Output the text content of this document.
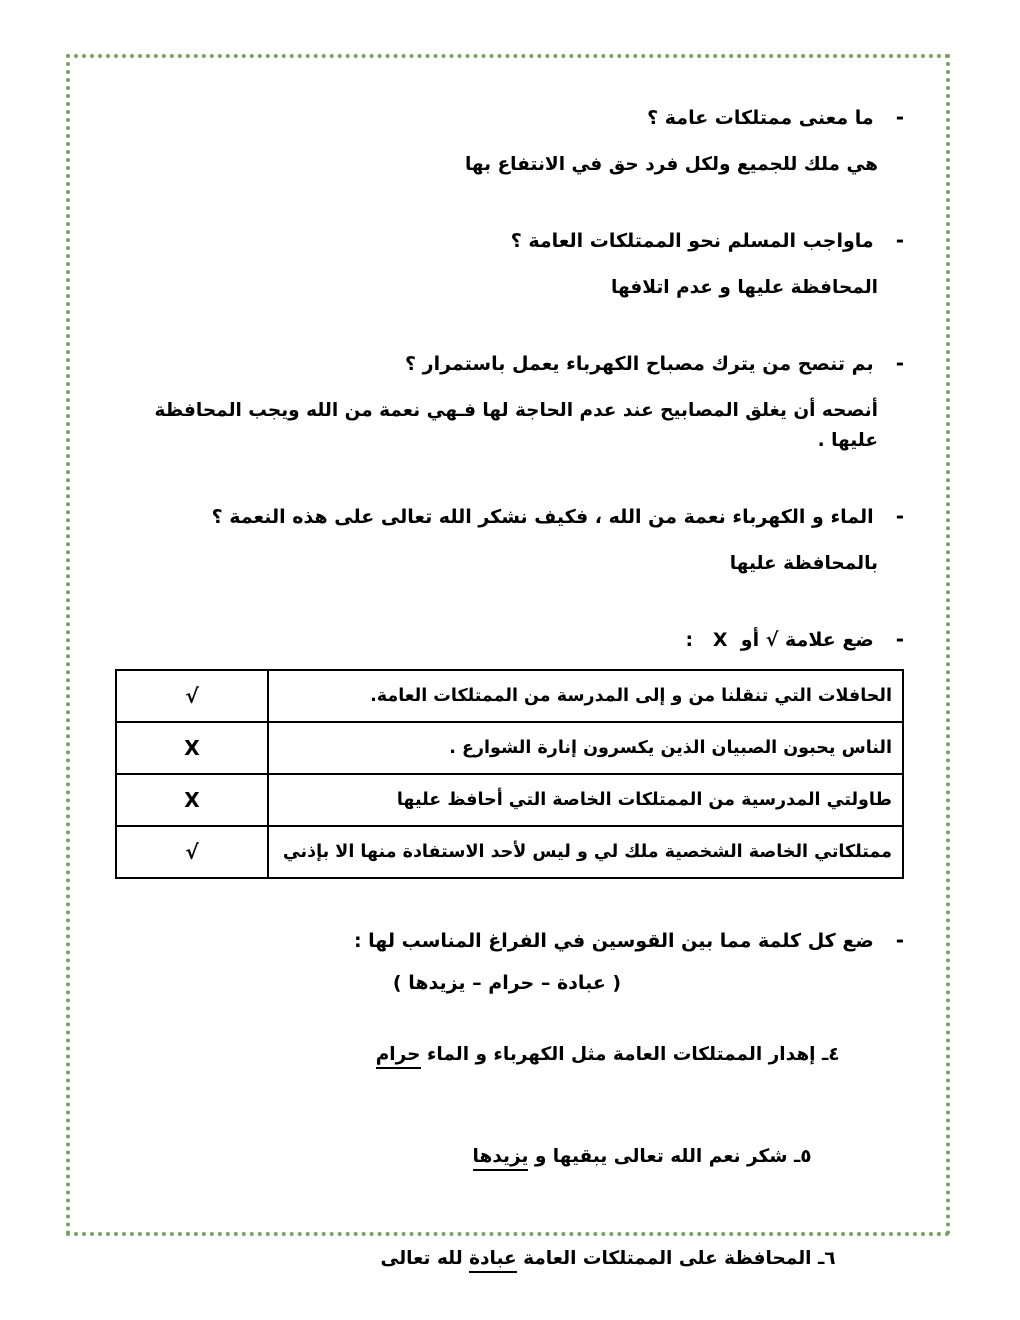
-
ما معنى ممتلكات عامة ؟
هي ملك للجميع ولكل فرد حق في الانتفاع بها
-
ماواجب المسلم نحو الممتلكات العامة ؟
المحافظة عليها و عدم اتلافها
-
بم تنصح من يترك مصباح الكهرباء يعمل باستمرار ؟
أنصحه أن يغلق المصابيح عند عدم الحاجة لها فـهي نعمة من الله ويجب المحافظة عليها .
-
الماء و الكهرباء نعمة من الله ، فكيف نشكر الله تعالى على هذه النعمة ؟
بالمحافظة عليها
-
ضع علامة √ أو  X   :
الحافلات التي تنقلنا من و إلى المدرسة من الممتلكات العامة.	√
الناس يحبون الصبيان الذين يكسرون إنارة الشوارع .	X
طاولتي المدرسية من الممتلكات الخاصة التي أحافظ عليها	X
ممتلكاتي الخاصة الشخصية ملك لي و ليس لأحد الاستفادة منها الا بإذني	√
-
ضع كل كلمة مما بين القوسين في الفراغ المناسب لها :
( عبادة – حرام – يزيدها )

٤ـ إهدار الممتلكات العامة مثل الكهرباء و الماء حرام

٥ـ شكر نعم الله تعالى يبقيها و يزيدها

٦ـ المحافظة على الممتلكات العامة عبادة لله تعالى
